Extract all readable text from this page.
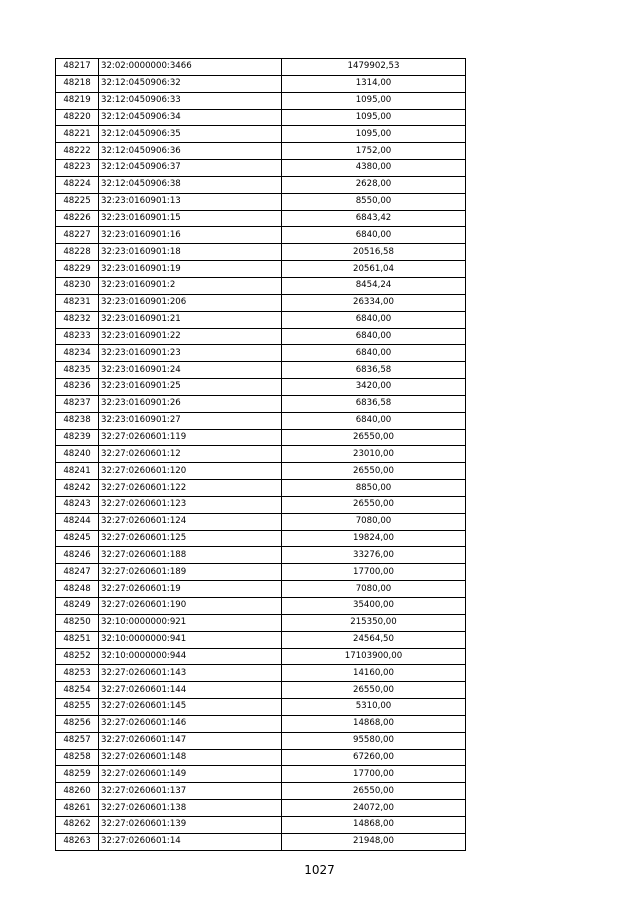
48217	32:02:0000000:3466	1479902,53
48218	32:12:0450906:32	1314,00
48219	32:12:0450906:33	1095,00
48220	32:12:0450906:34	1095,00
48221	32:12:0450906:35	1095,00
48222	32:12:0450906:36	1752,00
48223	32:12:0450906:37	4380,00
48224	32:12:0450906:38	2628,00
48225	32:23:0160901:13	8550,00
48226	32:23:0160901:15	6843,42
48227	32:23:0160901:16	6840,00
48228	32:23:0160901:18	20516,58
48229	32:23:0160901:19	20561,04
48230	32:23:0160901:2	8454,24
48231	32:23:0160901:206	26334,00
48232	32:23:0160901:21	6840,00
48233	32:23:0160901:22	6840,00
48234	32:23:0160901:23	6840,00
48235	32:23:0160901:24	6836,58
48236	32:23:0160901:25	3420,00
48237	32:23:0160901:26	6836,58
48238	32:23:0160901:27	6840,00
48239	32:27:0260601:119	26550,00
48240	32:27:0260601:12	23010,00
48241	32:27:0260601:120	26550,00
48242	32:27:0260601:122	8850,00
48243	32:27:0260601:123	26550,00
48244	32:27:0260601:124	7080,00
48245	32:27:0260601:125	19824,00
48246	32:27:0260601:188	33276,00
48247	32:27:0260601:189	17700,00
48248	32:27:0260601:19	7080,00
48249	32:27:0260601:190	35400,00
48250	32:10:0000000:921	215350,00
48251	32:10:0000000:941	24564,50
48252	32:10:0000000:944	17103900,00
48253	32:27:0260601:143	14160,00
48254	32:27:0260601:144	26550,00
48255	32:27:0260601:145	5310,00
48256	32:27:0260601:146	14868,00
48257	32:27:0260601:147	95580,00
48258	32:27:0260601:148	67260,00
48259	32:27:0260601:149	17700,00
48260	32:27:0260601:137	26550,00
48261	32:27:0260601:138	24072,00
48262	32:27:0260601:139	14868,00
48263	32:27:0260601:14	21948,00
1027
